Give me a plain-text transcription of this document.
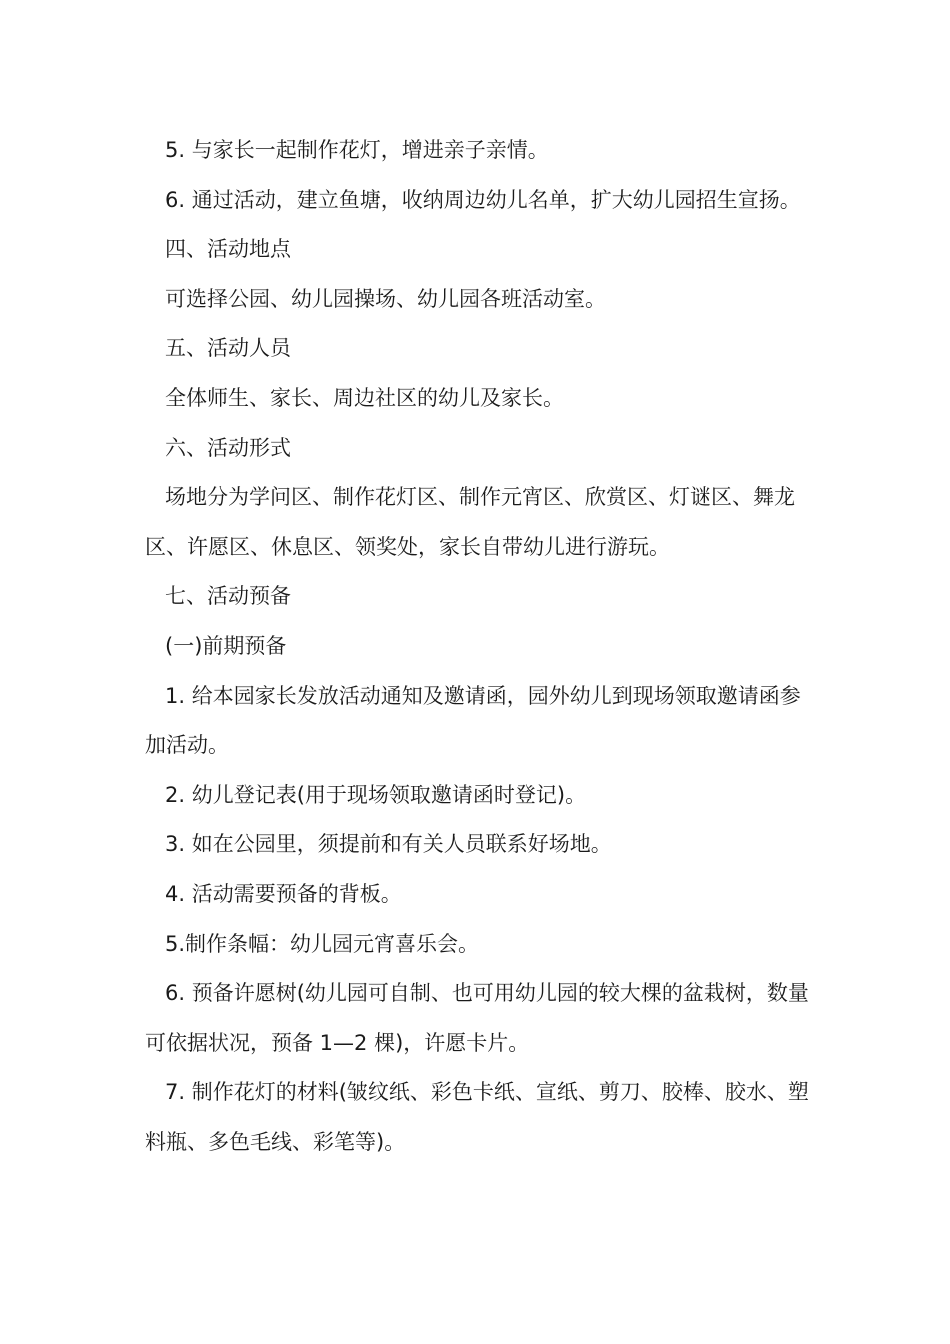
5. 与家长一起制作花灯，增进亲子亲情。

6. 通过活动，建立鱼塘，收纳周边幼儿名单，扩大幼儿园招生宣扬。

四、活动地点

可选择公园、幼儿园操场、幼儿园各班活动室。

五、活动人员

全体师生、家长、周边社区的幼儿及家长。

六、活动形式

场地分为学问区、制作花灯区、制作元宵区、欣赏区、灯谜区、舞龙区、许愿区、休息区、领奖处，家长自带幼儿进行游玩。

七、活动预备

(一)前期预备

1. 给本园家长发放活动通知及邀请函，园外幼儿到现场领取邀请函参加活动。

2. 幼儿登记表(用于现场领取邀请函时登记)。

3. 如在公园里，须提前和有关人员联系好场地。

4. 活动需要预备的背板。

5.制作条幅：幼儿园元宵喜乐会。

6. 预备许愿树(幼儿园可自制、也可用幼儿园的较大棵的盆栽树，数量可依据状况，预备 1—2 棵)，许愿卡片。

7. 制作花灯的材料(皱纹纸、彩色卡纸、宣纸、剪刀、胶棒、胶水、塑料瓶、多色毛线、彩笔等)。
